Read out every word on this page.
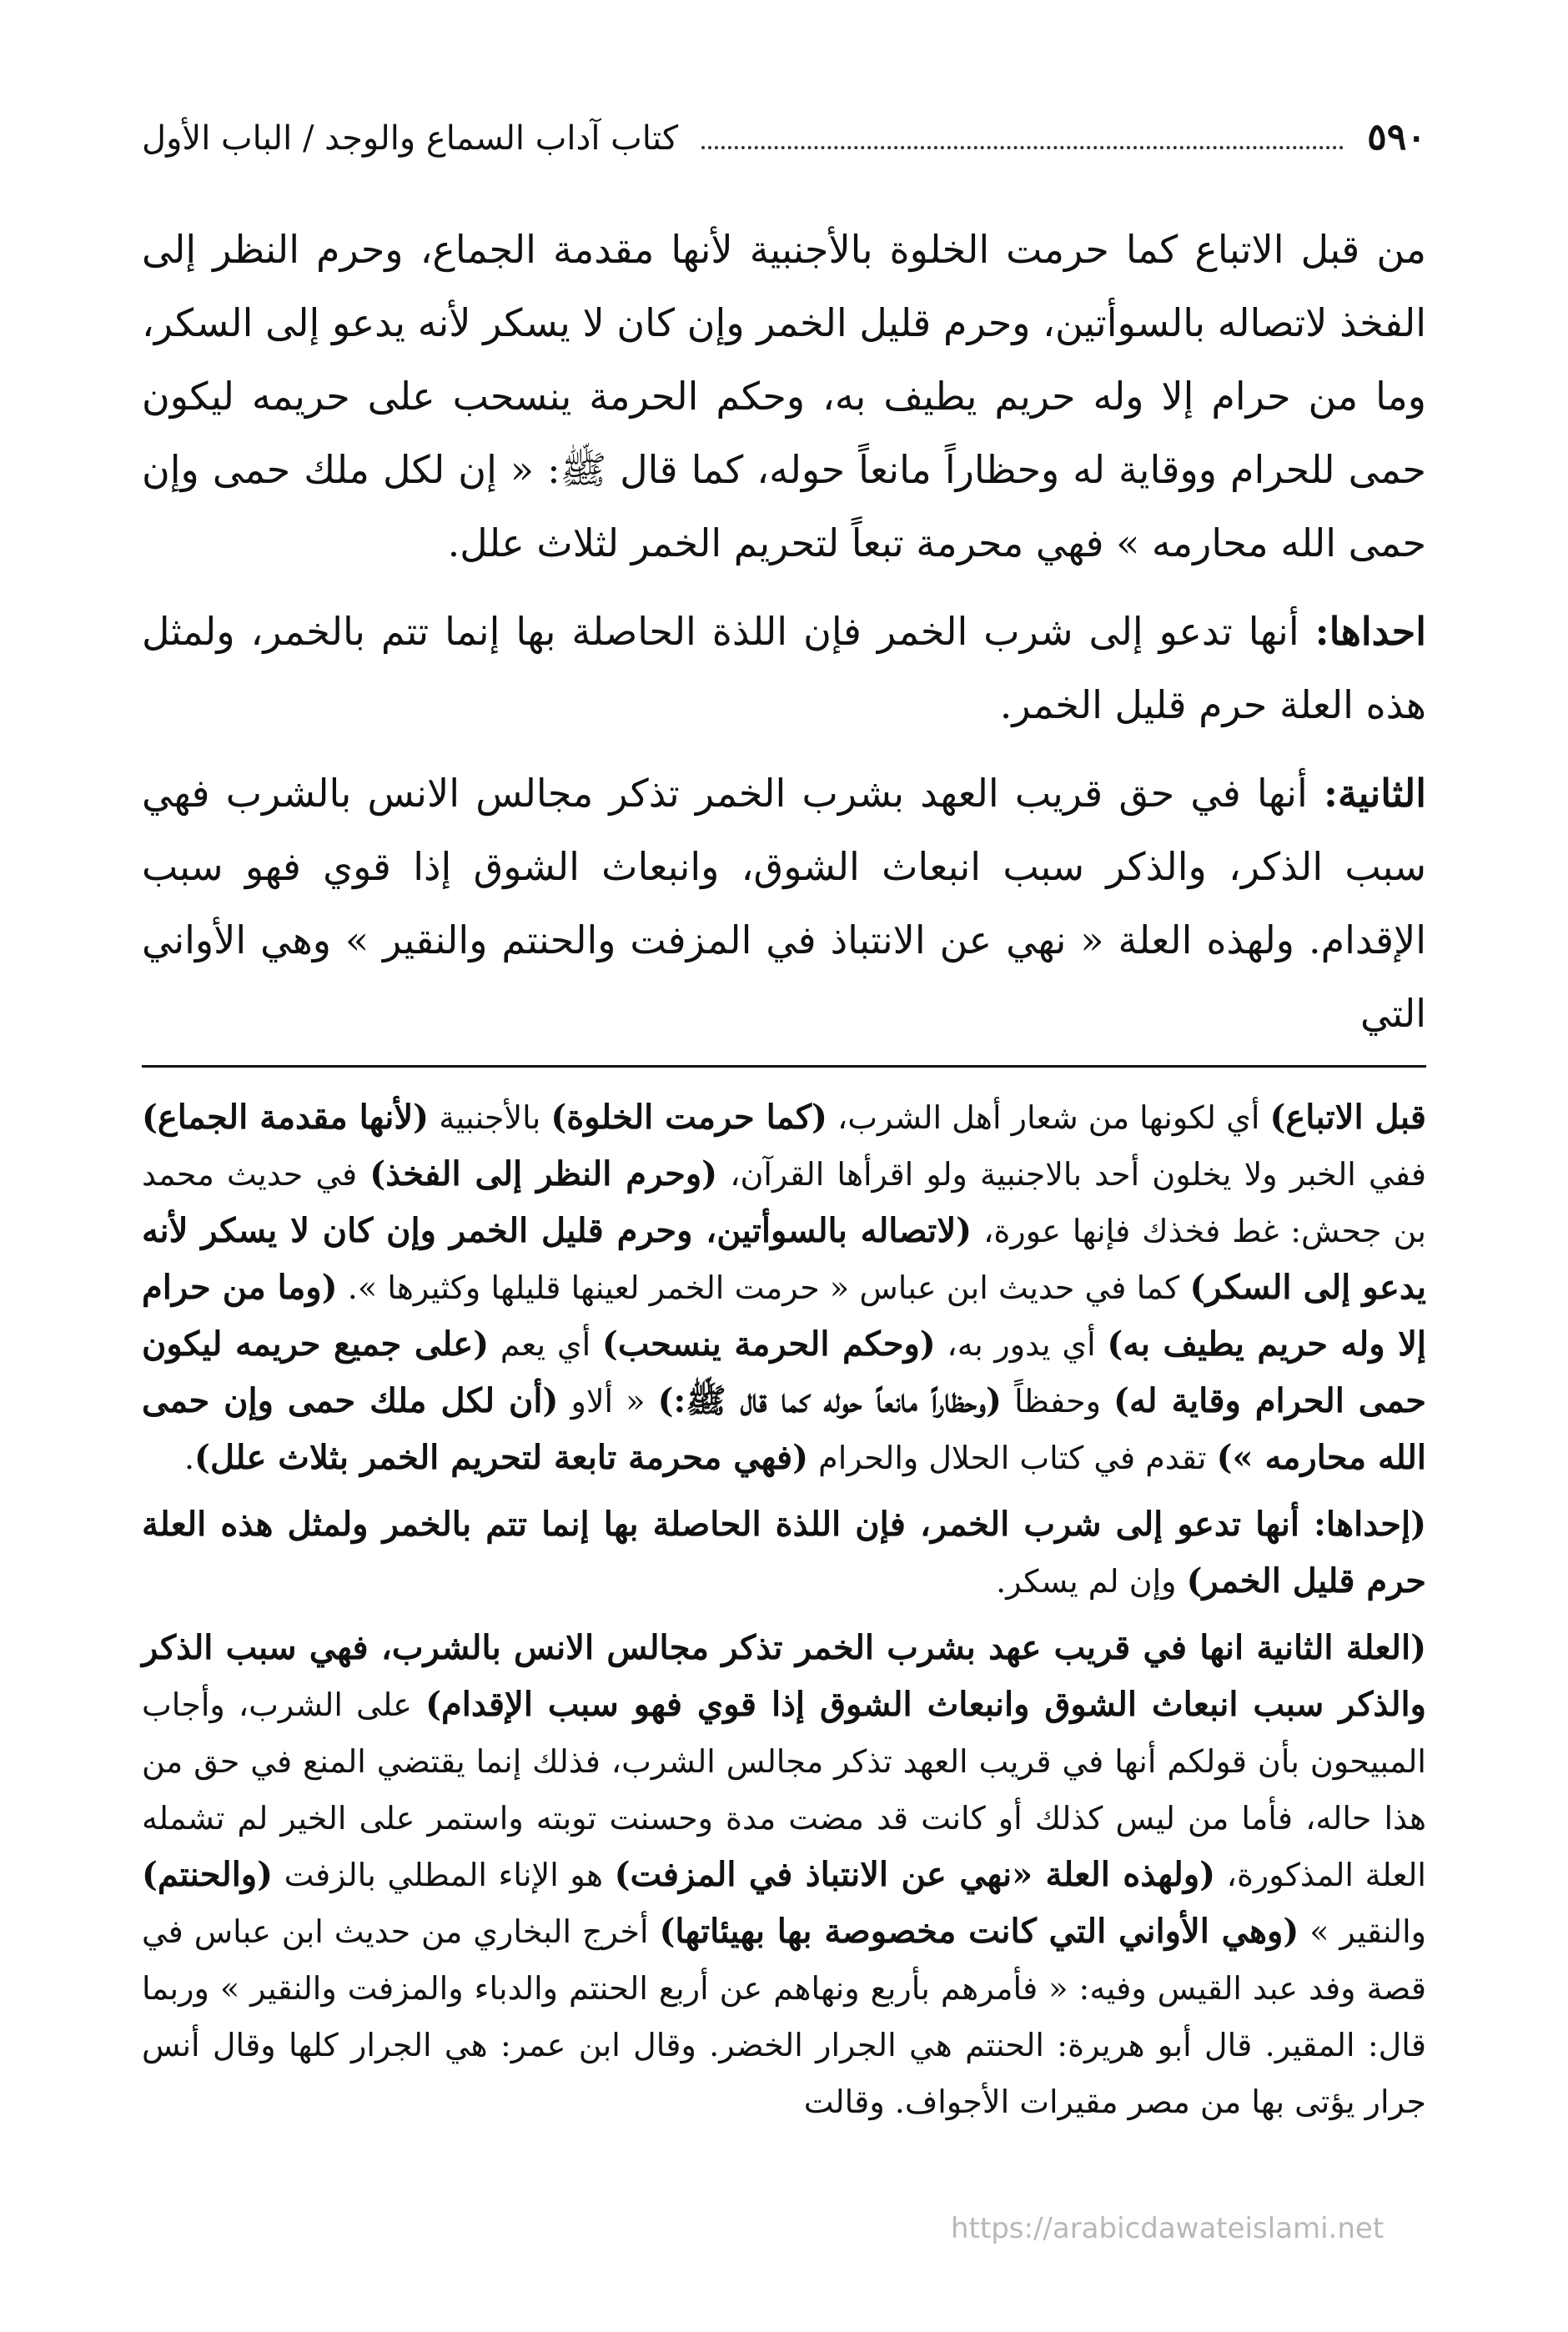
٥٩٠
كتاب آداب السماع والوجد / الباب الأول

من قبل الاتباع كما حرمت الخلوة بالأجنبية لأنها مقدمة الجماع، وحرم النظر إلى الفخذ لاتصاله بالسوأتين، وحرم قليل الخمر وإن كان لا يسكر لأنه يدعو إلى السكر، وما من حرام إلا وله حريم يطيف به، وحكم الحرمة ينسحب على حريمه ليكون حمى للحرام ووقاية له وحظاراً مانعاً حوله، كما قال ﷺ: « إن لكل ملك حمى وإن حمى الله محارمه » فهي محرمة تبعاً لتحريم الخمر لثلاث علل.

احداها: أنها تدعو إلى شرب الخمر فإن اللذة الحاصلة بها إنما تتم بالخمر، ولمثل هذه العلة حرم قليل الخمر.

الثانية: أنها في حق قريب العهد بشرب الخمر تذكر مجالس الانس بالشرب فهي سبب الذكر، والذكر سبب انبعاث الشوق، وانبعاث الشوق إذا قوي فهو سبب الإقدام. ولهذه العلة « نهي عن الانتباذ في المزفت والحنتم والنقير » وهي الأواني التي

قبل الاتباع) أي لكونها من شعار أهل الشرب، (كما حرمت الخلوة) بالأجنبية (لأنها مقدمة الجماع) ففي الخبر ولا يخلون أحد بالاجنبية ولو اقرأها القرآن، (وحرم النظر إلى الفخذ) في حديث محمد بن جحش: غط فخذك فإنها عورة، (لاتصاله بالسوأتين، وحرم قليل الخمر وإن كان لا يسكر لأنه يدعو إلى السكر) كما في حديث ابن عباس « حرمت الخمر لعينها قليلها وكثيرها ». (وما من حرام إلا وله حريم يطيف به) أي يدور به، (وحكم الحرمة ينسحب) أي يعم (على جميع حريمه ليكون حمى الحرام وقاية له) وحفظاً (وحظاراً مانعاً حوله كما قال ﷺ:) « ألاو (أن لكل ملك حمى وإن حمى الله محارمه ») تقدم في كتاب الحلال والحرام (فهي محرمة تابعة لتحريم الخمر بثلاث علل).

(إحداها: أنها تدعو إلى شرب الخمر، فإن اللذة الحاصلة بها إنما تتم بالخمر ولمثل هذه العلة حرم قليل الخمر) وإن لم يسكر.

(العلة الثانية انها في قريب عهد بشرب الخمر تذكر مجالس الانس بالشرب، فهي سبب الذكر والذكر سبب انبعاث الشوق وانبعاث الشوق إذا قوي فهو سبب الإقدام) على الشرب، وأجاب المبيحون بأن قولكم أنها في قريب العهد تذكر مجالس الشرب، فذلك إنما يقتضي المنع في حق من هذا حاله، فأما من ليس كذلك أو كانت قد مضت مدة وحسنت توبته واستمر على الخير لم تشمله العلة المذكورة، (ولهذه العلة «نهي عن الانتباذ في المزفت) هو الإناء المطلي بالزفت (والحنتم) والنقير » (وهي الأواني التي كانت مخصوصة بها بهيئاتها) أخرج البخاري من حديث ابن عباس في قصة وفد عبد القيس وفيه: « فأمرهم بأربع ونهاهم عن أربع الحنتم والدباء والمزفت والنقير » وربما قال: المقير. قال أبو هريرة: الحنتم هي الجرار الخضر. وقال ابن عمر: هي الجرار كلها وقال أنس جرار يؤتى بها من مصر مقيرات الأجواف. وقالت

https://arabicdawateislami.net
